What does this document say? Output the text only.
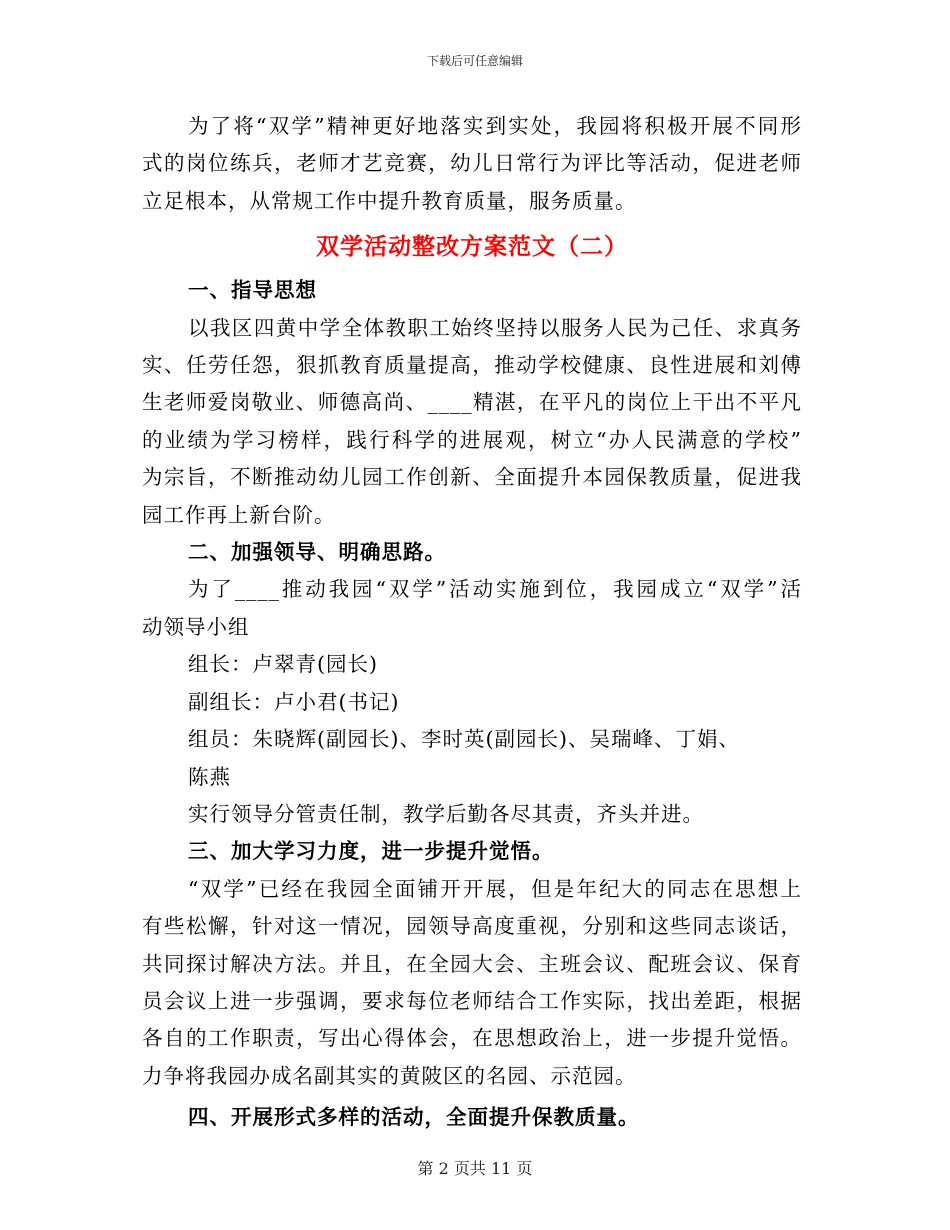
下载后可任意编辑

为了将“双学”精神更好地落实到实处，我园将积极开展不同形

式的岗位练兵，老师才艺竞赛，幼儿日常行为评比等活动，促进老师

立足根本，从常规工作中提升教育质量，服务质量。

双学活动整改方案范文（二）

一、指导思想

以我区四黄中学全体教职工始终坚持以服务人民为己任、求真务

实、任劳任怨，狠抓教育质量提高，推动学校健康、良性进展和刘傅

生老师爱岗敬业、师德高尚、____精湛，在平凡的岗位上干出不平凡

的业绩为学习榜样，践行科学的进展观，树立“办人民满意的学校”

为宗旨，不断推动幼儿园工作创新、全面提升本园保教质量，促进我

园工作再上新台阶。

二、加强领导、明确思路。

为了____推动我园“双学”活动实施到位，我园成立“双学”活

动领导小组

组长：卢翠青(园长)

副组长：卢小君(书记)

组员：朱晓辉(副园长)、李时英(副园长)、吴瑞峰、丁娟、

陈燕

实行领导分管责任制，教学后勤各尽其责，齐头并进。

三、加大学习力度，进一步提升觉悟。

“双学”已经在我园全面铺开开展，但是年纪大的同志在思想上

有些松懈，针对这一情况，园领导高度重视，分别和这些同志谈话，

共同探讨解决方法。并且，在全园大会、主班会议、配班会议、保育

员会议上进一步强调，要求每位老师结合工作实际，找出差距，根据

各自的工作职责，写出心得体会，在思想政治上，进一步提升觉悟。

力争将我园办成名副其实的黄陂区的名园、示范园。

四、开展形式多样的活动，全面提升保教质量。

第 2 页共 11 页
